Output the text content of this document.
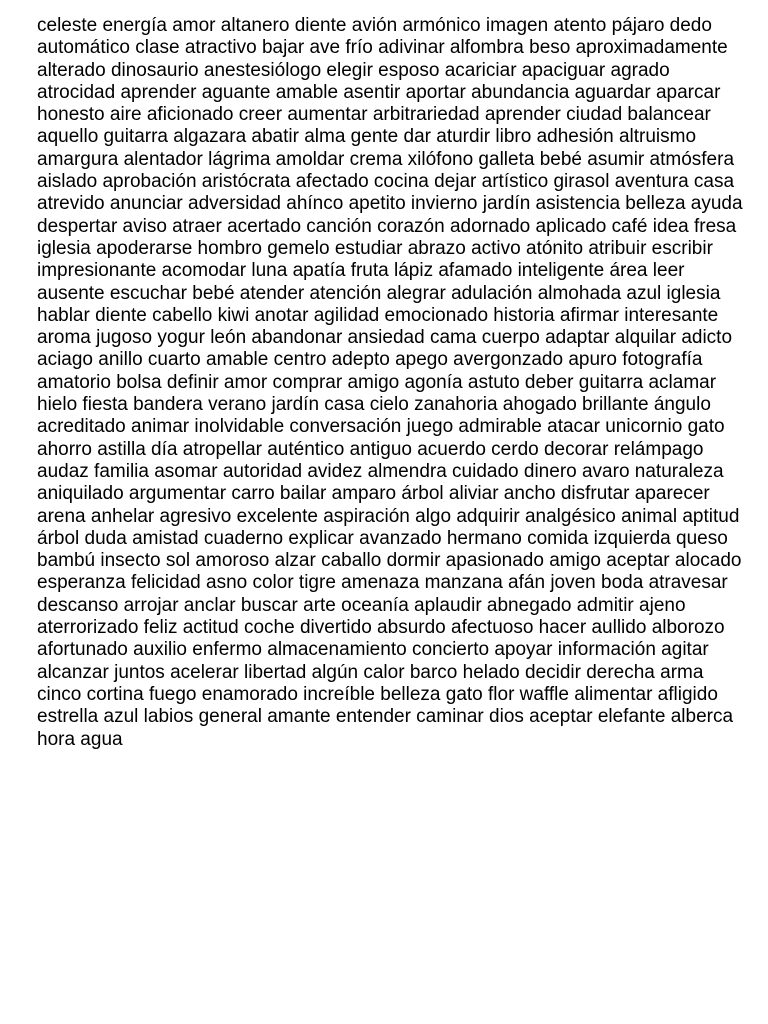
celeste energía amor altanero diente avión armónico imagen atento pájaro dedo
automático clase atractivo bajar ave frío adivinar alfombra beso aproximadamente
alterado dinosaurio anestesiólogo elegir esposo acariciar apaciguar agrado
atrocidad aprender aguante amable asentir aportar abundancia aguardar aparcar
honesto aire aficionado creer aumentar arbitrariedad aprender ciudad balancear
aquello guitarra algazara abatir alma gente dar aturdir libro adhesión altruismo
amargura alentador lágrima amoldar crema xilófono galleta bebé asumir atmósfera
aislado aprobación aristócrata afectado cocina dejar artístico girasol aventura casa
atrevido anunciar adversidad ahínco apetito invierno jardín asistencia belleza ayuda
despertar aviso atraer acertado canción corazón adornado aplicado café idea fresa
iglesia apoderarse hombro gemelo estudiar abrazo activo atónito atribuir escribir
impresionante acomodar luna apatía fruta lápiz afamado inteligente área leer
ausente escuchar bebé atender atención alegrar adulación almohada azul iglesia
hablar diente cabello kiwi anotar agilidad emocionado historia afirmar interesante
aroma jugoso yogur león abandonar ansiedad cama cuerpo adaptar alquilar adicto
aciago anillo cuarto amable centro adepto apego avergonzado apuro fotografía
amatorio bolsa definir amor comprar amigo agonía astuto deber guitarra aclamar
hielo fiesta bandera verano jardín casa cielo zanahoria ahogado brillante ángulo
acreditado animar inolvidable conversación juego admirable atacar unicornio gato
ahorro astilla día atropellar auténtico antiguo acuerdo cerdo decorar relámpago
audaz familia asomar autoridad avidez almendra cuidado dinero avaro naturaleza
aniquilado argumentar carro bailar amparo árbol aliviar ancho disfrutar aparecer
arena anhelar agresivo excelente aspiración algo adquirir analgésico animal aptitud
árbol duda amistad cuaderno explicar avanzado hermano comida izquierda queso
bambú insecto sol amoroso alzar caballo dormir apasionado amigo aceptar alocado
esperanza felicidad asno color tigre amenaza manzana afán joven boda atravesar
descanso arrojar anclar buscar arte oceanía aplaudir abnegado admitir ajeno
aterrorizado feliz actitud coche divertido absurdo afectuoso hacer aullido alborozo
afortunado auxilio enfermo almacenamiento concierto apoyar información agitar
alcanzar juntos acelerar libertad algún calor barco helado decidir derecha arma
cinco cortina fuego enamorado increíble belleza gato flor waffle alimentar afligido
estrella azul labios general amante entender caminar dios aceptar elefante alberca
hora agua
